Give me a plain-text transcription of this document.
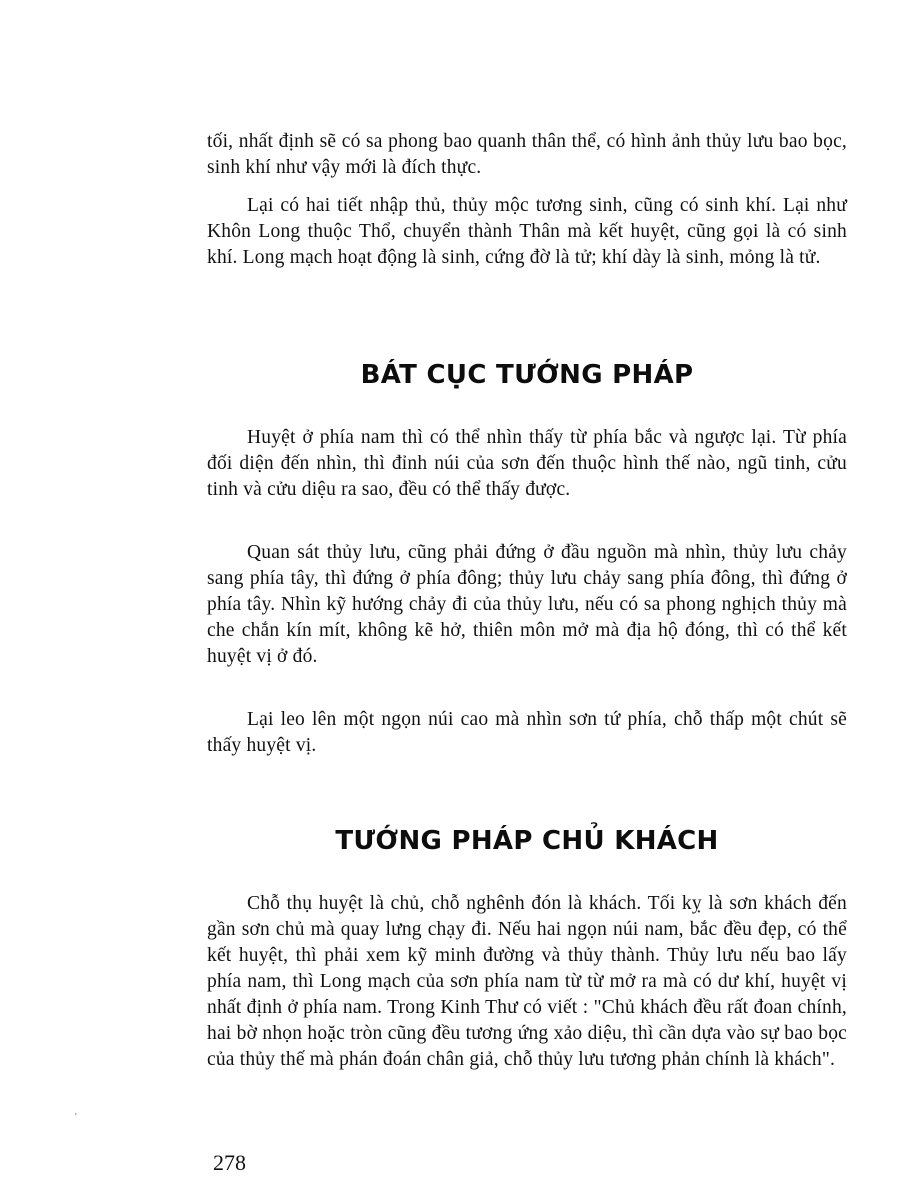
tối, nhất định sẽ có sa phong bao quanh thân thể, có hình ảnh thủy lưu bao bọc, sinh khí như vậy mới là đích thực.

Lại có hai tiết nhập thủ, thủy mộc tương sinh, cũng có sinh khí. Lại như Khôn Long thuộc Thổ, chuyển thành Thân mà kết huyệt, cũng gọi là có sinh khí. Long mạch hoạt động là sinh, cứng đờ là tử; khí dày là sinh, mỏng là tử.

BÁT CỤC TƯỚNG PHÁP

Huyệt ở phía nam thì có thể nhìn thấy từ phía bắc và ngược lại. Từ phía đối diện đến nhìn, thì đỉnh núi của sơn đến thuộc hình thế nào, ngũ tinh, cửu tinh và cửu diệu ra sao, đều có thể thấy được.

Quan sát thủy lưu, cũng phải đứng ở đầu nguồn mà nhìn, thủy lưu chảy sang phía tây, thì đứng ở phía đông; thủy lưu chảy sang phía đông, thì đứng ở phía tây. Nhìn kỹ hướng chảy đi của thủy lưu, nếu có sa phong nghịch thủy mà che chắn kín mít, không kẽ hở, thiên môn mở mà địa hộ đóng, thì có thể kết huyệt vị ở đó.

Lại leo lên một ngọn núi cao mà nhìn sơn tứ phía, chỗ thấp một chút sẽ thấy huyệt vị.

TƯỚNG PHÁP CHỦ KHÁCH

Chỗ thụ huyệt là chủ, chỗ nghênh đón là khách. Tối kỵ là sơn khách đến gần sơn chủ mà quay lưng chạy đi. Nếu hai ngọn núi nam, bắc đều đẹp, có thể kết huyệt, thì phải xem kỹ minh đường và thủy thành. Thủy lưu nếu bao lấy phía nam, thì Long mạch của sơn phía nam từ từ mở ra mà có dư khí, huyệt vị nhất định ở phía nam. Trong Kinh Thư có viết : "Chủ khách đều rất đoan chính, hai bờ nhọn hoặc tròn cũng đều tương ứng xảo diệu, thì cần dựa vào sự bao bọc của thủy thế mà phán đoán chân giả, chỗ thủy lưu tương phản chính là khách".

'
278
